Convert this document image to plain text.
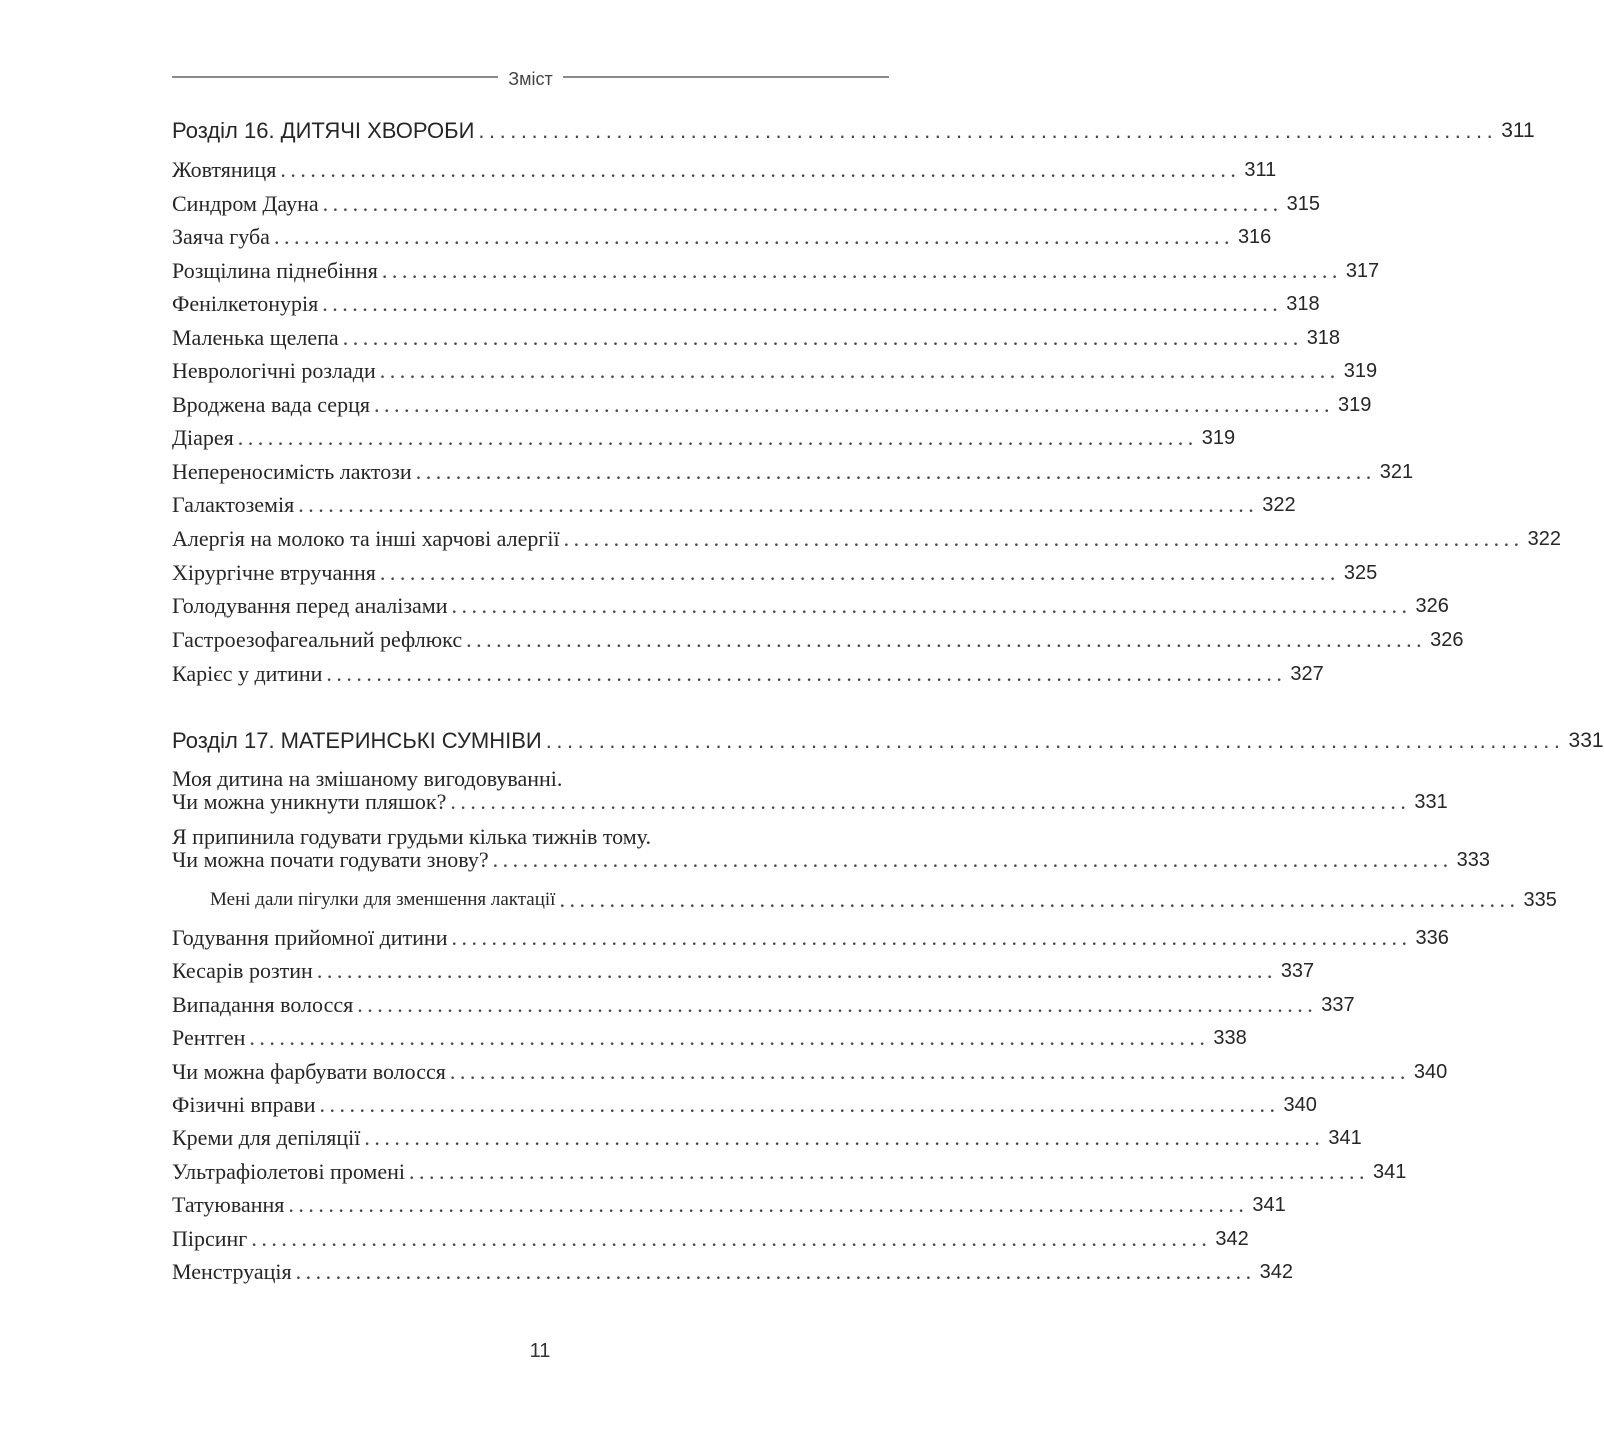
Зміст
Розділ 16. ДИТЯЧІ ХВОРОБИ ................................................................................................ 311
Жовтяниця ................................................................................................ 311
Синдром Дауна ................................................................................................ 315
Заяча губа ................................................................................................ 316
Розщілина піднебіння ................................................................................................ 317
Фенілкетонурія ................................................................................................ 318
Маленька щелепа ................................................................................................ 318
Неврологічні розлади ................................................................................................ 319
Вроджена вада серця ................................................................................................ 319
Діарея ................................................................................................ 319
Непереносимість лактози ................................................................................................ 321
Галактоземія ................................................................................................ 322
Алергія на молоко та інші харчові алергії ................................................................................................ 322
Хірургічне втручання ................................................................................................ 325
Голодування перед аналізами ................................................................................................ 326
Гастроезофагеальний рефлюкс ................................................................................................ 326
Карієс у дитини ................................................................................................ 327
Розділ 17. МАТЕРИНСЬКІ СУМНІВИ ................................................................................................ 331
Моя дитина на змішаному вигодовуванні.
Чи можна уникнути пляшок? ................................................................................................ 331
Я припинила годувати грудьми кілька тижнів тому.
Чи можна почати годувати знову? ................................................................................................ 333
Мені дали пігулки для зменшення лактації ................................................................................................ 335
Годування прийомної дитини ................................................................................................ 336
Кесарів розтин ................................................................................................ 337
Випадання волосся ................................................................................................ 337
Рентген ................................................................................................ 338
Чи можна фарбувати волосся ................................................................................................ 340
Фізичні вправи ................................................................................................ 340
Креми для депіляції ................................................................................................ 341
Ультрафіолетові промені ................................................................................................ 341
Татуювання ................................................................................................ 341
Пірсинг ................................................................................................ 342
Менструація ................................................................................................ 342
11
